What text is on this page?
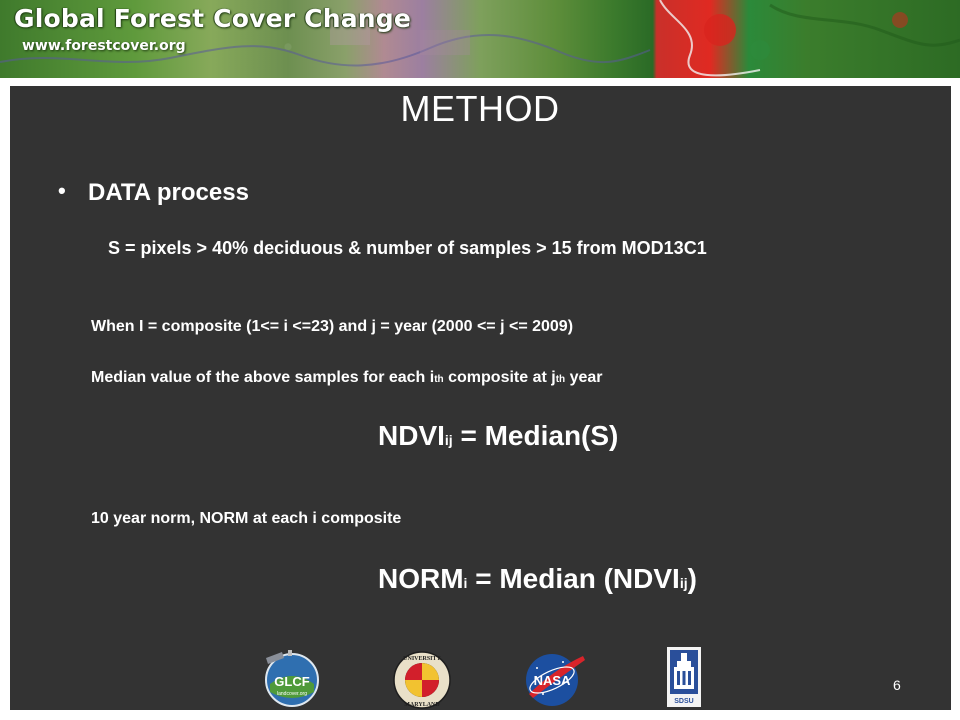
Global Forest Cover Change
www.forestcover.org
METHOD
• DATA process
S = pixels > 40% deciduous & number of samples > 15 from MOD13C1
When I = composite (1<= i <=23) and j = year (2000 <= j <= 2009)
Median value of the above samples for each ith composite at jth year
NDVIij = Median(S)
10 year norm, NORM at each i composite
NORMi = Median (NDVIij)
6
GLCF
landcover.org
UNIVERSITY
MARYLAND
NASA
SDSU
